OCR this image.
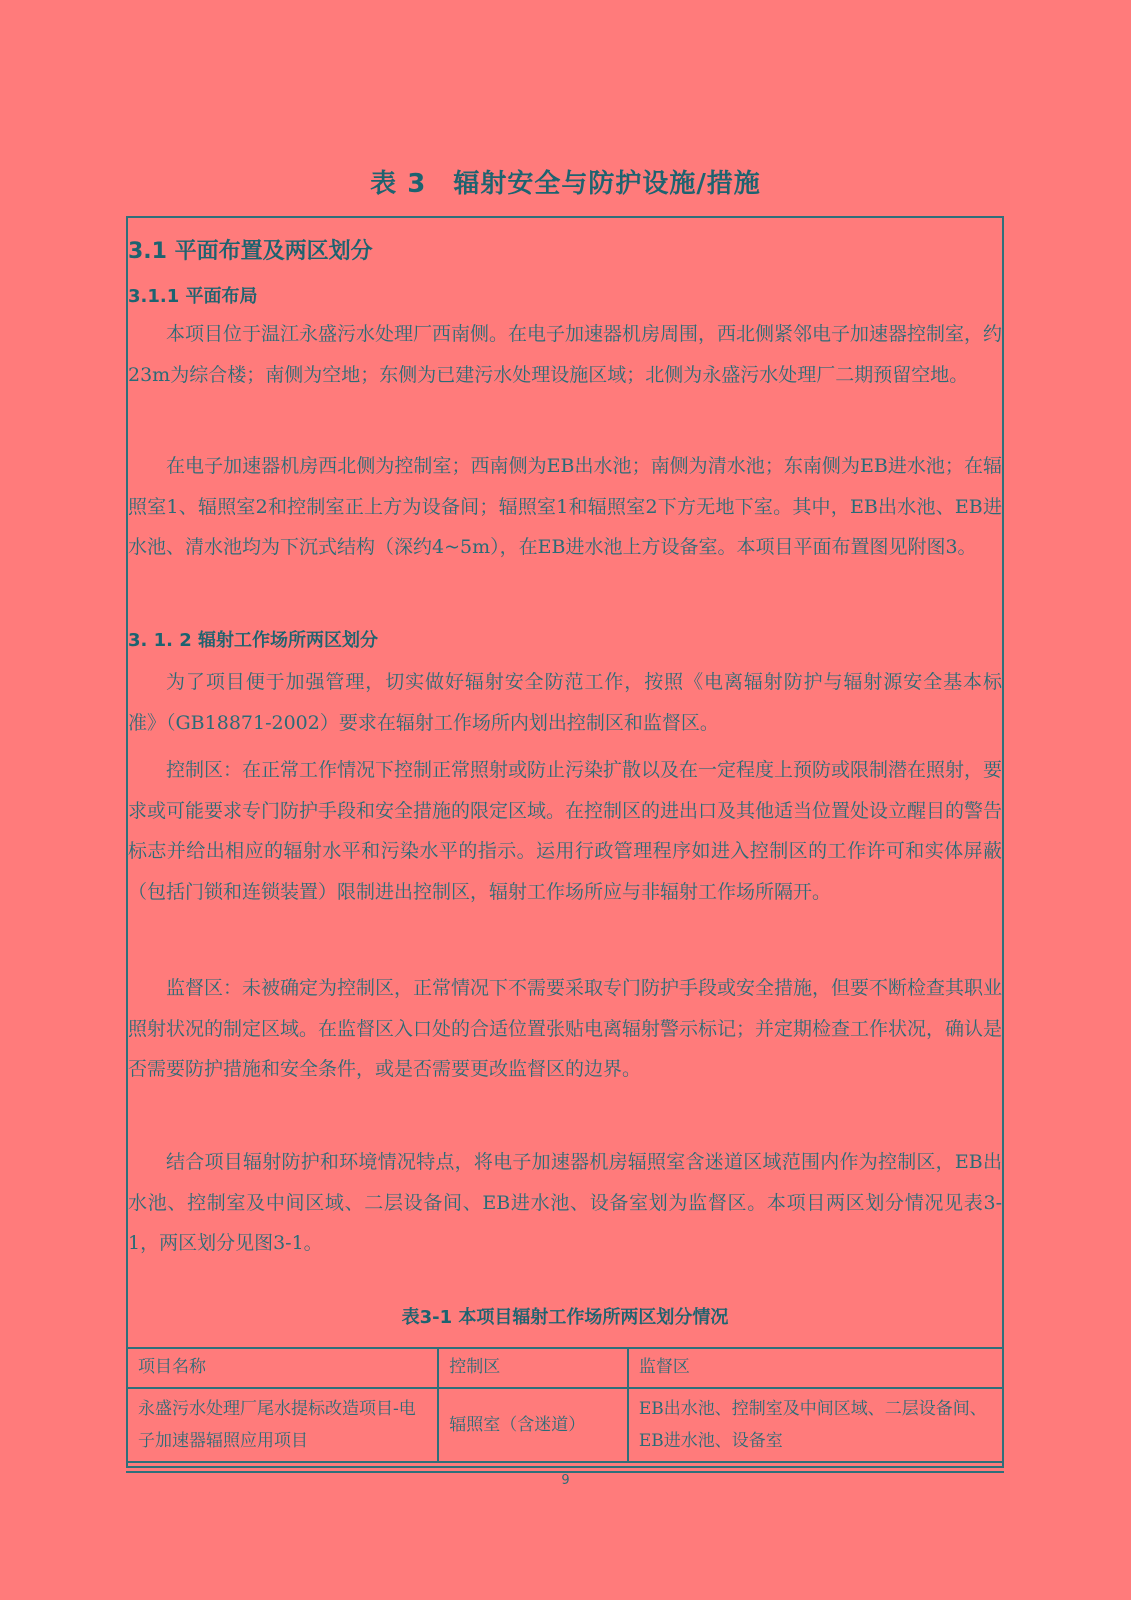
表 3　辐射安全与防护设施/措施
3.1 平面布置及两区划分
3.1.1 平面布局

本项目位于温江永盛污水处理厂西南侧。在电子加速器机房周围，西北侧紧邻电子加速器控制室，约23m为综合楼；南侧为空地；东侧为已建污水处理设施区域；北侧为永盛污水处理厂二期预留空地。

在电子加速器机房西北侧为控制室；西南侧为EB出水池；南侧为清水池；东南侧为EB进水池；在辐照室1、辐照室2和控制室正上方为设备间；辐照室1和辐照室2下方无地下室。其中，EB出水池、EB进水池、清水池均为下沉式结构（深约4~5m），在EB进水池上方设备室。本项目平面布置图见附图3。

3. 1. 2 辐射工作场所两区划分

为了项目便于加强管理，切实做好辐射安全防范工作，按照《电离辐射防护与辐射源安全基本标准》（GB18871-2002）要求在辐射工作场所内划出控制区和监督区。

控制区：在正常工作情况下控制正常照射或防止污染扩散以及在一定程度上预防或限制潜在照射，要求或可能要求专门防护手段和安全措施的限定区域。在控制区的进出口及其他适当位置处设立醒目的警告标志并给出相应的辐射水平和污染水平的指示。运用行政管理程序如进入控制区的工作许可和实体屏蔽（包括门锁和连锁装置）限制进出控制区，辐射工作场所应与非辐射工作场所隔开。

监督区：未被确定为控制区，正常情况下不需要采取专门防护手段或安全措施，但要不断检查其职业照射状况的制定区域。在监督区入口处的合适位置张贴电离辐射警示标记；并定期检查工作状况，确认是否需要防护措施和安全条件，或是否需要更改监督区的边界。

结合项目辐射防护和环境情况特点，将电子加速器机房辐照室含迷道区域范围内作为控制区，EB出水池、控制室及中间区域、二层设备间、EB进水池、设备室划为监督区。本项目两区划分情况见表3-1，两区划分见图3-1。

表3-1 本项目辐射工作场所两区划分情况
项目名称	控制区	监督区
永盛污水处理厂尾水提标改造项目-电子加速器辐照应用项目	辐照室（含迷道）	EB出水池、控制室及中间区域、二层设备间、EB进水池、设备室
9
